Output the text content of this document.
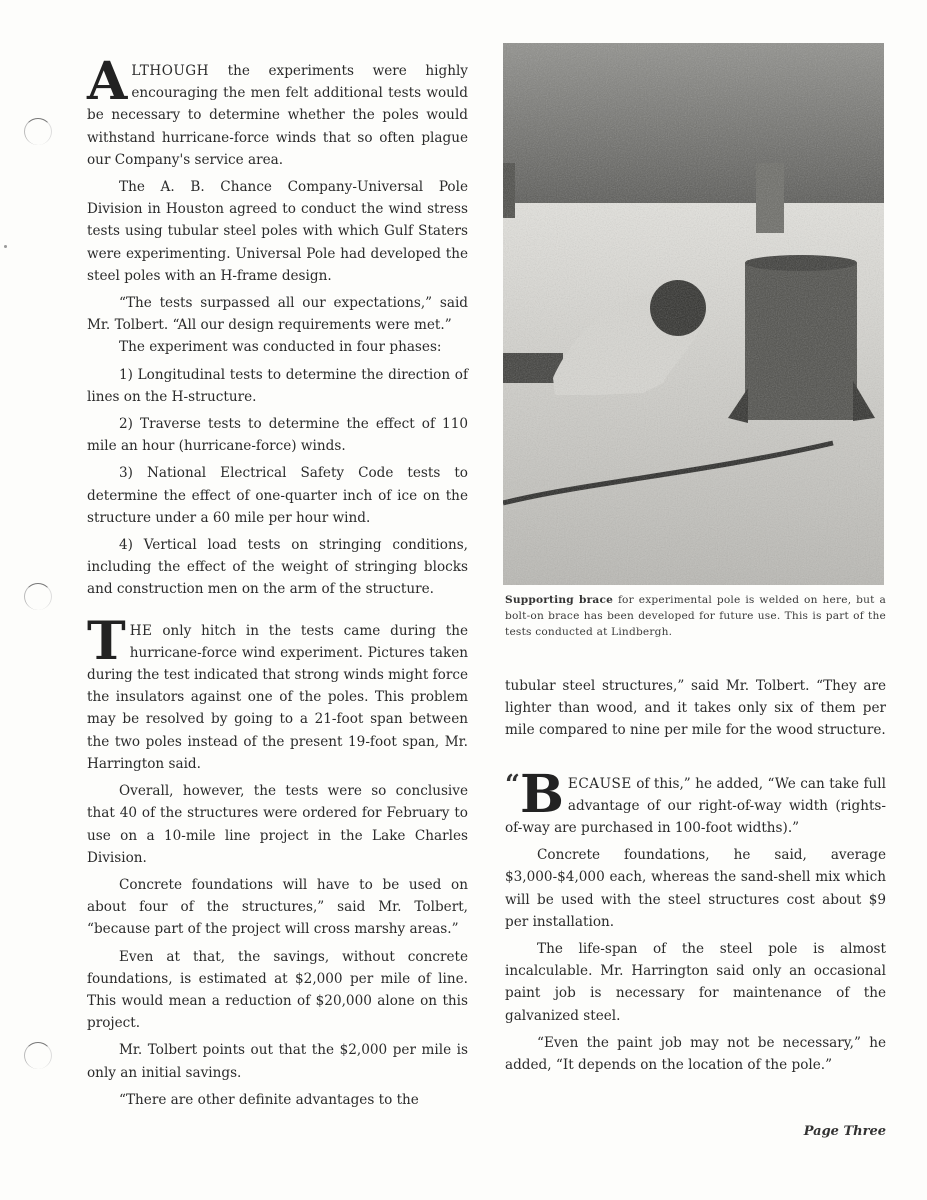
ALTHOUGH the experiments were highly encouraging the men felt additional tests would be necessary to determine whether the poles would withstand hurricane-force winds that so often plague our Company's service area.

The A. B. Chance Company-Universal Pole Division in Houston agreed to conduct the wind stress tests using tubular steel poles with which Gulf Staters were experimenting. Universal Pole had developed the steel poles with an H-frame design.

“The tests surpassed all our expectations,” said Mr. Tolbert. “All our design requirements were met.”

The experiment was conducted in four phases:

1) Longitudinal tests to determine the direction of lines on the H-structure.

2) Traverse tests to determine the effect of 110 mile an hour (hurricane-force) winds.

3) National Electrical Safety Code tests to determine the effect of one-quarter inch of ice on the structure under a 60 mile per hour wind.

4) Vertical load tests on stringing conditions, including the effect of the weight of stringing blocks and construction men on the arm of the structure.

THE only hitch in the tests came during the hurricane-force wind experiment. Pictures taken during the test indicated that strong winds might force the insulators against one of the poles. This problem may be resolved by going to a 21-foot span between the two poles instead of the present 19-foot span, Mr. Harrington said.

Overall, however, the tests were so conclusive that 40 of the structures were ordered for February to use on a 10-mile line project in the Lake Charles Division.

Concrete foundations will have to be used on about four of the structures,” said Mr. Tolbert, “because part of the project will cross marshy areas.”

Even at that, the savings, without concrete foundations, is estimated at $2,000 per mile of line. This would mean a reduction of $20,000 alone on this project.

Mr. Tolbert points out that the $2,000 per mile is only an initial savings.

“There are other definite advantages to the

Supporting brace for experimental pole is welded on here, but a bolt-on brace has been developed for future use. This is part of the tests conducted at Lindbergh.

tubular steel structures,” said Mr. Tolbert. “They are lighter than wood, and it takes only six of them per mile compared to nine per mile for the wood structure.

“ B ECAUSE of this,” he added, “We can take full advantage of our right-of-way width (rights-of-way are purchased in 100-foot widths).”

Concrete foundations, he said, average $3,000-$4,000 each, whereas the sand-shell mix which will be used with the steel structures cost about $9 per installation.

The life-span of the steel pole is almost incalculable. Mr. Harrington said only an occasional paint job is necessary for maintenance of the galvanized steel.

“Even the paint job may not be necessary,” he added, “It depends on the location of the pole.”

Page Three
